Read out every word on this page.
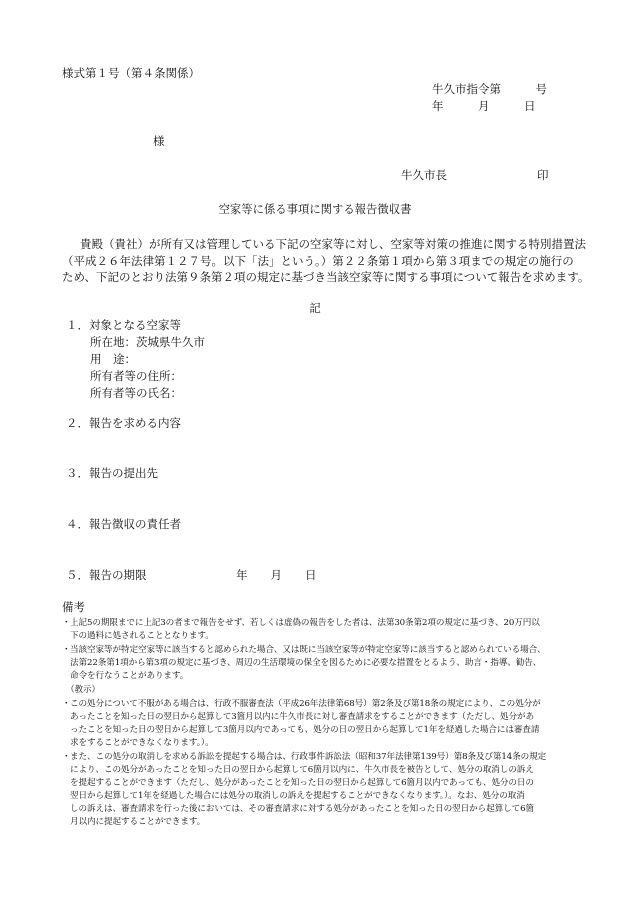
様式第１号（第４条関係）
牛久市指令第　　　号
年　　　月　　　日
様
牛久市長	印
空家等に係る事項に関する報告徴収書
貴殿（貴社）が所有又は管理している下記の空家等に対し、空家等対策の推進に関する特別措置法
（平成２６年法律第１２７号。以下「法」という。）第２２条第１項から第３項までの規定の施行の
ため、下記のとおり法第９条第２項の規定に基づき当該空家等に関する事項について報告を求めます。
記
１．対象となる空家等
所在地：茨城県牛久市
用　途：
所有者等の住所：
所有者等の氏名：
２．報告を求める内容
３．報告の提出先
４．報告徴収の責任者
５．報告の期限	年　　月　　日
備考
・ 上記5の期限までに上記3の者まで報告をせず、若しくは虚偽の報告をした者は、法第30条第2項の規定に基づき、20万円以
下の過料に処されることとなります。
・ 当該空家等が特定空家等に該当すると認められた場合、又は既に当該空家等が特定空家等に該当すると認められている場合、
法第22条第1項から第3項の規定に基づき、周辺の生活環境の保全を図るために必要な措置をとるよう、助言・指導、勧告、
命令を行なうことがあります。
（教示）
・ この処分について不服がある場合は、行政不服審査法（平成26年法律第68号）第2条及び第18条の規定により、この処分が
あったことを知った日の翌日から起算して3箇月以内に牛久市長に対し審査請求をすることができます（ただし、処分があ
ったことを知った日の翌日から起算して3箇月以内であっても、処分の日の翌日から起算して1年を経過した場合には審査請
求をすることができなくなります。）。
・ また、この処分の取消しを求める訴訟を提起する場合は、行政事件訴訟法（昭和37年法律第139号）第8条及び第14条の規定
により、この処分があったことを知った日の翌日から起算して6箇月以内に、牛久市長を被告として、処分の取消しの訴え
を提起することができます（ただし、処分があったことを知った日の翌日から起算して6箇月以内であっても、処分の日の
翌日から起算して1年を経過した場合には処分の取消しの訴えを提起することができなくなります。）。なお、処分の取消
しの訴えは、審査請求を行った後においては、その審査請求に対する処分があったことを知った日の翌日から起算して6箇
月以内に提起することができます。
